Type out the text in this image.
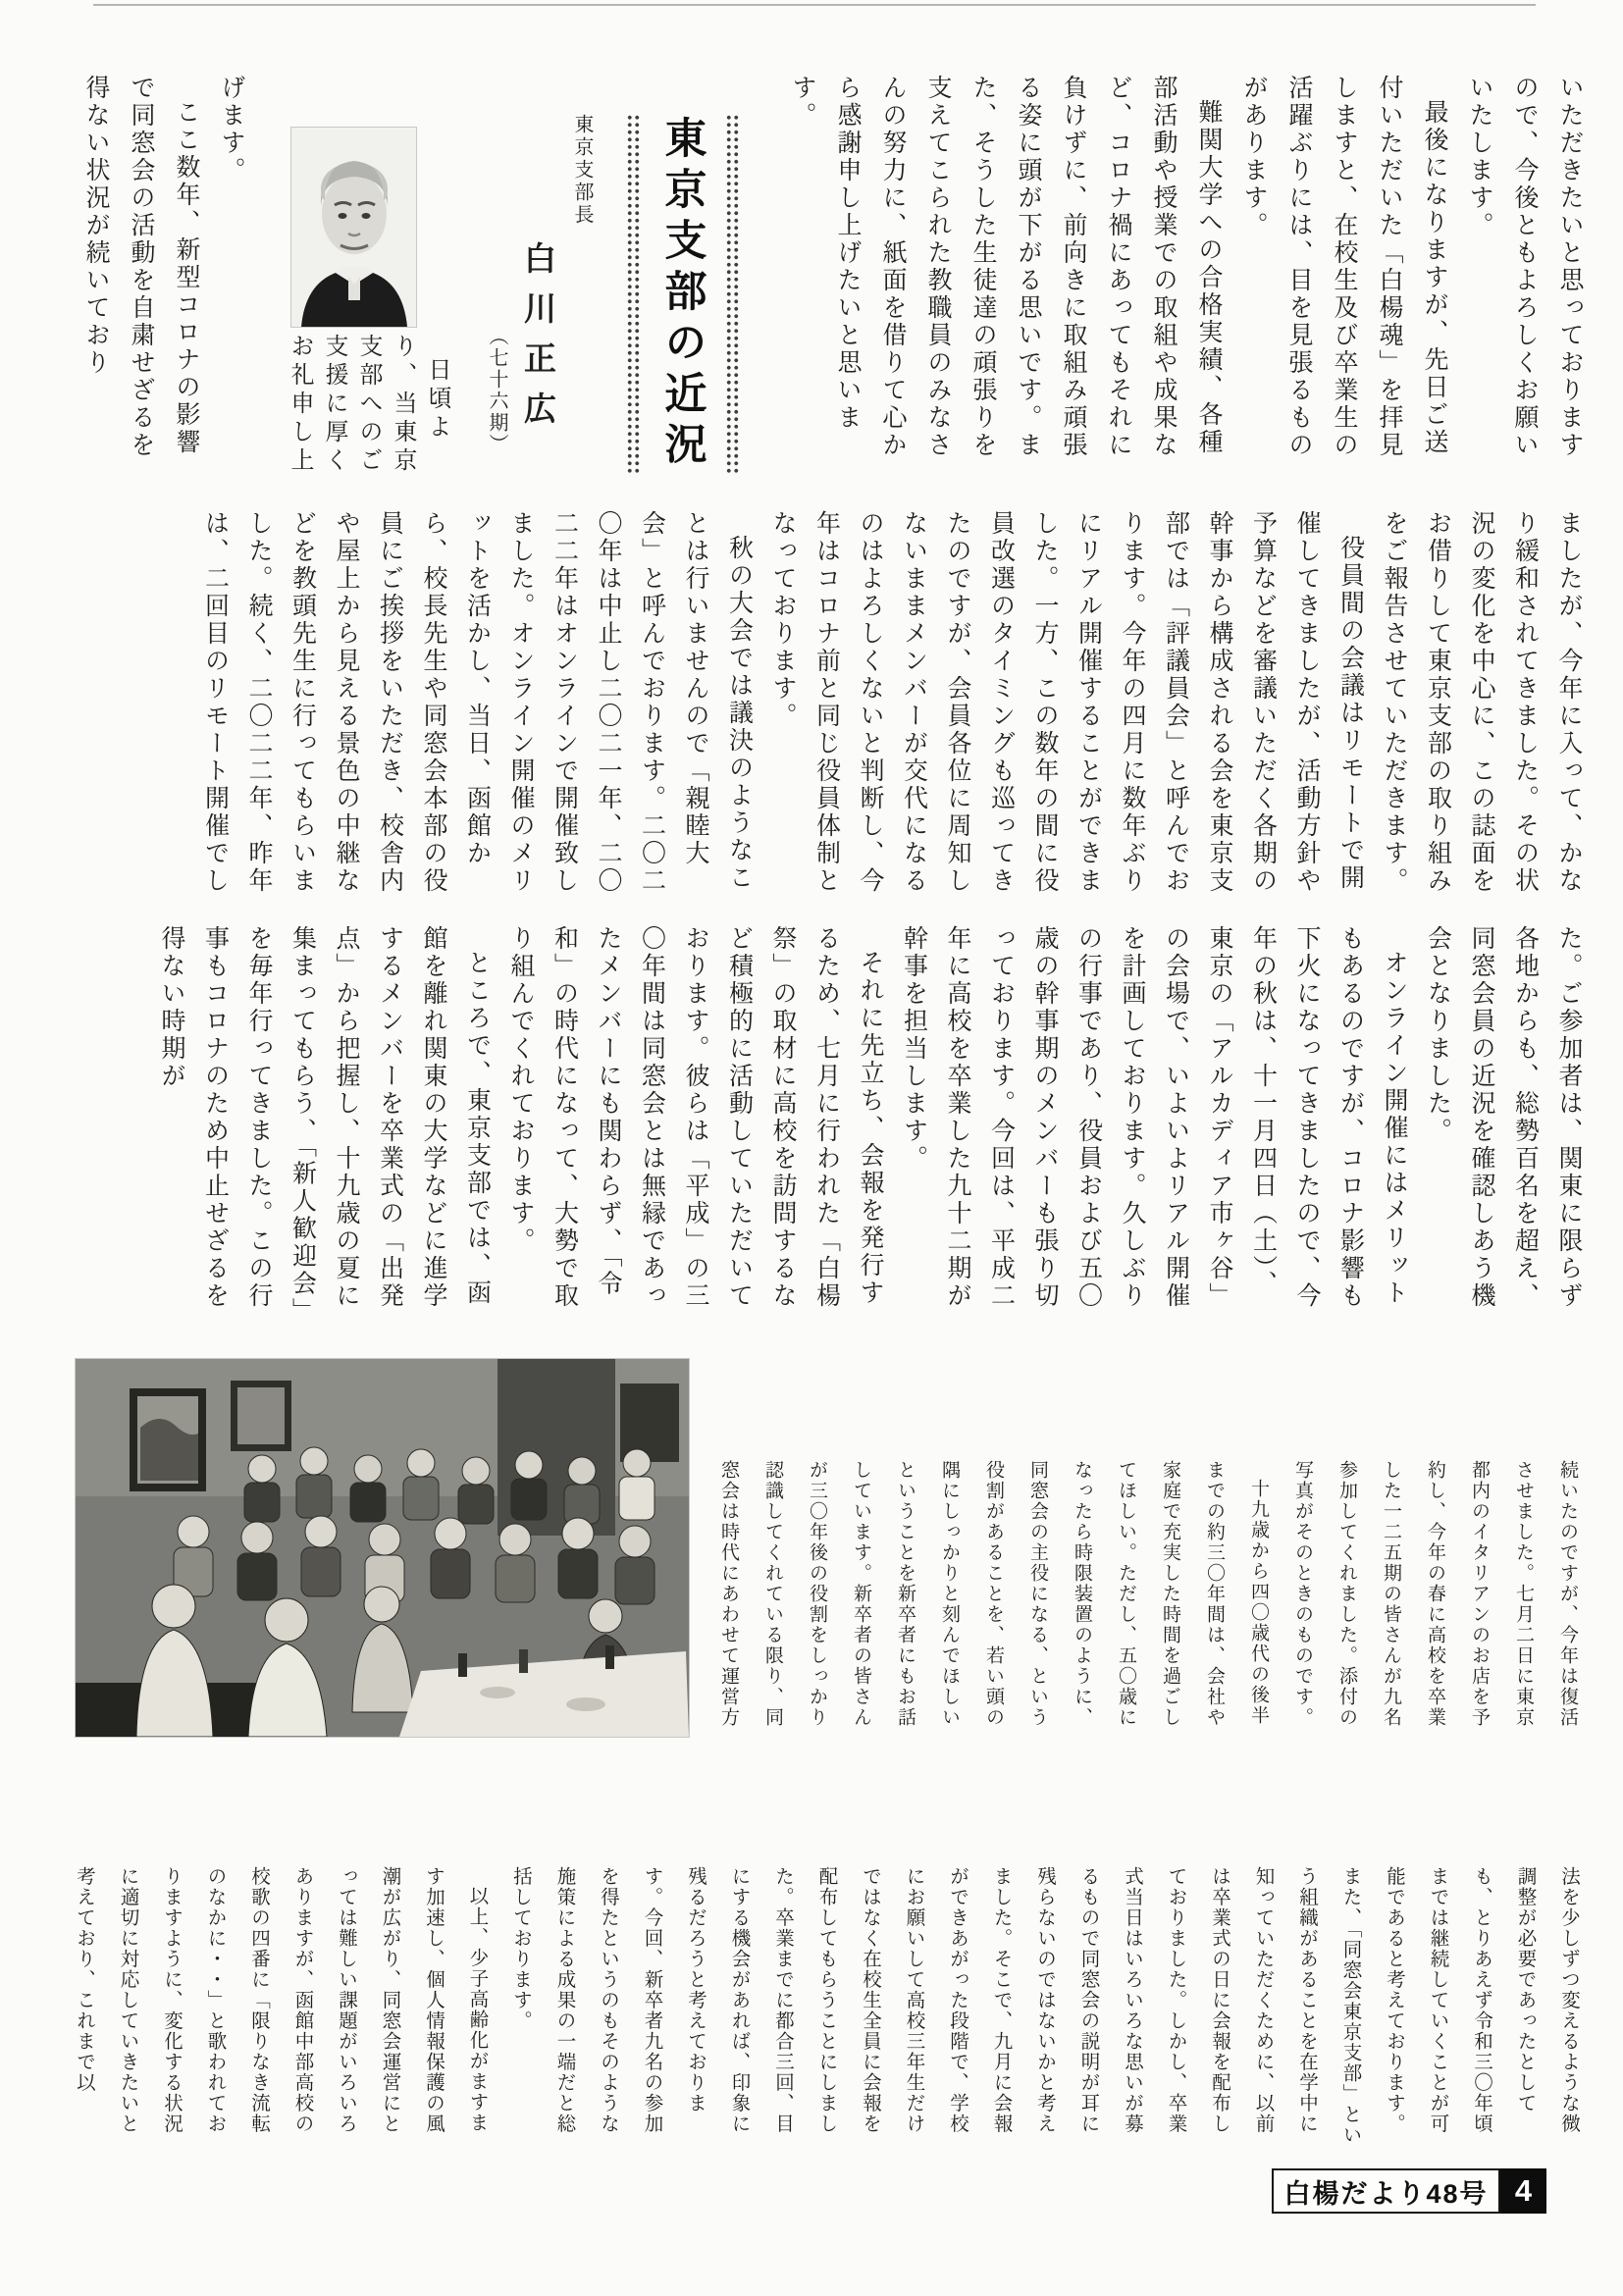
いただきたいと思っておりますので、今後ともよろしくお願いいたします。

最後になりますが、先日ご送付いただいた「白楊魂」を拝見しますと、在校生及び卒業生の活躍ぶりには、目を見張るものがあります。

難関大学への合格実績、各種部活動や授業での取組や成果など、コロナ禍にあってもそれに負けずに、前向きに取組み頑張る姿に頭が下がる思いです。また、そうした生徒達の頑張りを支えてこられた教職員のみなさんの努力に、紙面を借りて心から感謝申し上げたいと思います。

東京支部の近況
東京支部長
白川正広
（七十六期）

日頃より、当東京支部へのご支援に厚くお礼申し上

げます。

ここ数年、新型コロナの影響で同窓会の活動を自粛せざるを得ない状況が続いており

ましたが、今年に入って、かなり緩和されてきました。その状況の変化を中心に、この誌面をお借りして東京支部の取り組みをご報告させていただきます。

役員間の会議はリモートで開催してきましたが、活動方針や予算などを審議いただく各期の幹事から構成される会を東京支部では「評議員会」と呼んでおります。今年の四月に数年ぶりにリアル開催することができました。一方、この数年の間に役員改選のタイミングも巡ってきたのですが、会員各位に周知しないままメンバーが交代になるのはよろしくないと判断し、今年はコロナ前と同じ役員体制となっております。

秋の大会では議決のようなことは行いませんので「親睦大会」と呼んでおります。二〇二〇年は中止し二〇二一年、二〇二二年はオンラインで開催致しました。オンライン開催のメリットを活かし、当日、函館から、校長先生や同窓会本部の役員にご挨拶をいただき、校舎内や屋上から見える景色の中継などを教頭先生に行ってもらいました。続く、二〇二二年、昨年は、二回目のリモート開催でし

た。ご参加者は、関東に限らず各地からも、総勢百名を超え、同窓会員の近況を確認しあう機会となりました。

オンライン開催にはメリットもあるのですが、コロナ影響も下火になってきましたので、今年の秋は、十一月四日（土）、東京の「アルカディア市ヶ谷」の会場で、いよいよリアル開催を計画しております。久しぶりの行事であり、役員および五〇歳の幹事期のメンバーも張り切っております。今回は、平成二年に高校を卒業した九十二期が幹事を担当します。

それに先立ち、会報を発行するため、七月に行われた「白楊祭」の取材に高校を訪問するなど積極的に活動していただいております。彼らは「平成」の三〇年間は同窓会とは無縁であったメンバーにも関わらず、「令和」の時代になって、大勢で取り組んでくれております。

ところで、東京支部では、函館を離れ関東の大学などに進学するメンバーを卒業式の「出発点」から把握し、十九歳の夏に集まってもらう、「新人歓迎会」を毎年行ってきました。この行事もコロナのため中止せざるを得ない時期が

続いたのですが、今年は復活させました。七月二日に東京都内のイタリアンのお店を予約し、今年の春に高校を卒業した一二五期の皆さんが九名参加してくれました。添付の写真がそのときのものです。

十九歳から四〇歳代の後半までの約三〇年間は、会社や家庭で充実した時間を過ごしてほしい。ただし、五〇歳になったら時限装置のように、同窓会の主役になる、という役割があることを、若い頭の隅にしっかりと刻んでほしいということを新卒者にもお話しています。新卒者の皆さんが三〇年後の役割をしっかり認識してくれている限り、同窓会は時代にあわせて運営方

法を少しずつ変えるような微調整が必要であったとしても、とりあえず令和三〇年頃までは継続していくことが可能であると考えております。また、「同窓会東京支部」という組織があることを在学中に知っていただくために、以前は卒業式の日に会報を配布しておりました。しかし、卒業式当日はいろいろな思いが募るもので同窓会の説明が耳に残らないのではないかと考えました。そこで、九月に会報ができあがった段階で、学校にお願いして高校三年生だけではなく在校生全員に会報を配布してもらうことにしました。卒業までに都合三回、目にする機会があれば、印象に残るだろうと考えております。今回、新卒者九名の参加を得たというのもそのような施策による成果の一端だと総括しております。

以上、少子高齢化がますます加速し、個人情報保護の風潮が広がり、同窓会運営にとっては難しい課題がいろいろありますが、函館中部高校の校歌の四番に「限りなき流転のなかに・・」と歌われておりますように、変化する状況に適切に対応していきたいと考えており、これまで以

白楊だより48号 4
